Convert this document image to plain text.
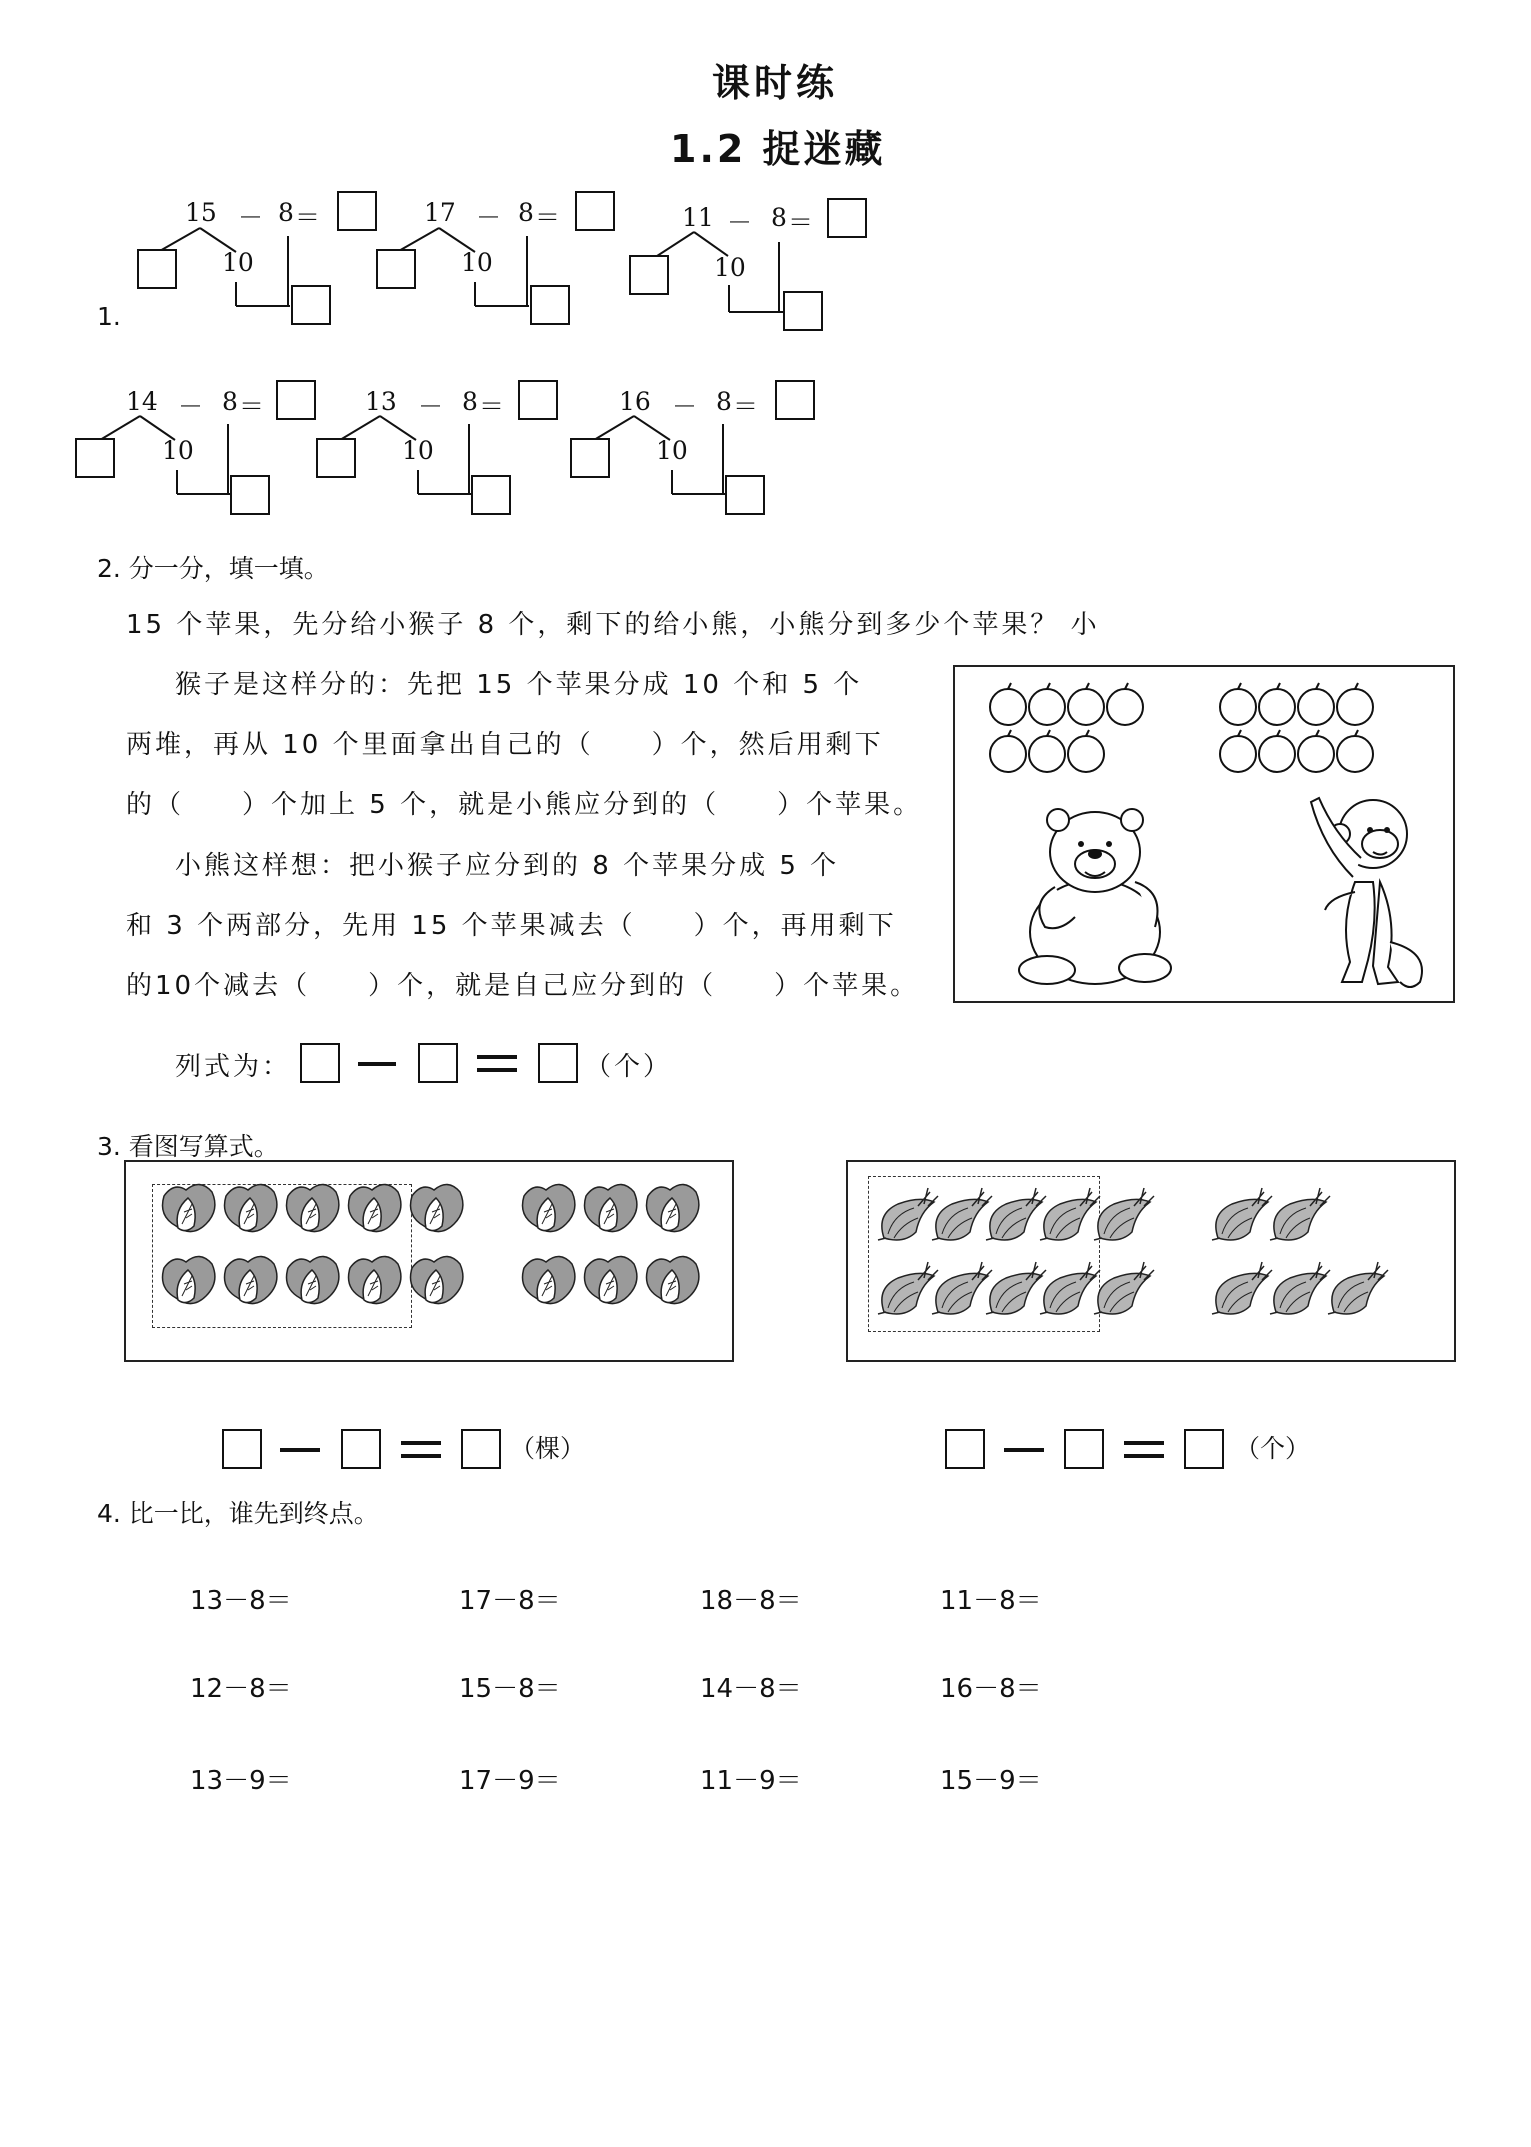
课时练
1.2 捉迷藏
1.
15 － 8 ＝
10
17 － 8 ＝
10
11 － 8 ＝
10
14 － 8 ＝
10
13 － 8 ＝
10
16 － 8 ＝
10
2. 分一分，填一填。
15 个苹果，先分给小猴子 8 个，剩下的给小熊，小熊分到多少个苹果？ 小
猴子是这样分的：先把 15 个苹果分成 10 个和 5 个
两堆，再从 10 个里面拿出自己的（　　）个，然后用剩下
的（　　）个加上 5 个，就是小熊应分到的（　　）个苹果。
小熊这样想：把小猴子应分到的 8 个苹果分成 5 个
和 3 个两部分，先用 15 个苹果减去（　　）个，再用剩下
的10个减去（　　）个，就是自己应分到的（　　）个苹果。
列式为：	（个）
3. 看图写算式。
（棵）	（个）
4. 比一比，谁先到终点。
13－8＝	17－8＝	18－8＝	11－8＝
12－8＝	15－8＝	14－8＝	16－8＝
13－9＝	17－9＝	11－9＝	15－9＝
